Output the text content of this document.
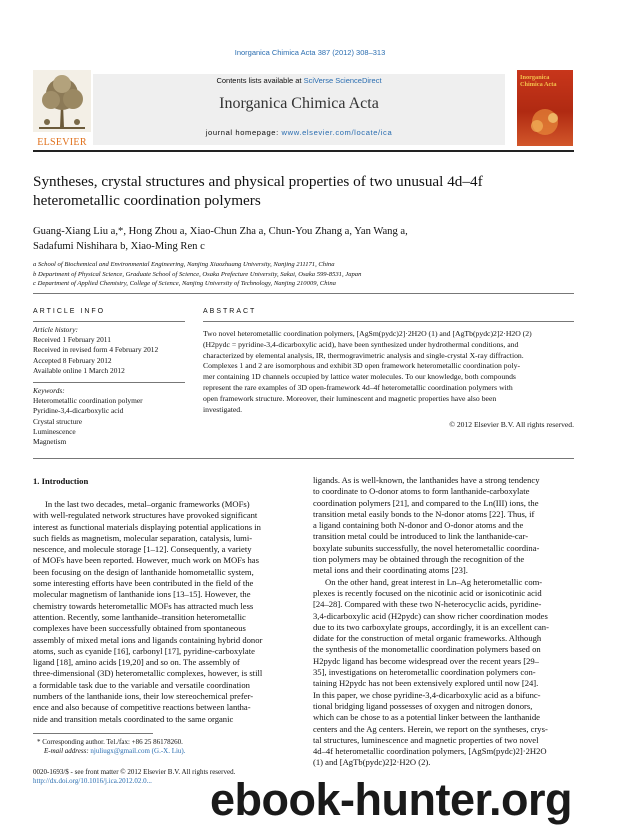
Inorganica Chimica Acta 387 (2012) 308–313
Contents lists available at SciVerse ScienceDirect
Inorganica Chimica Acta
journal homepage: www.elsevier.com/locate/ica
ELSEVIER
Inorganica Chimica Acta
Syntheses, crystal structures and physical properties of two unusual 4d–4f
heterometallic coordination polymers
Guang-Xiang Liu a,*, Hong Zhou a, Xiao-Chun Zha a, Chun-You Zhang a, Yan Wang a,
Sadafumi Nishihara b, Xiao-Ming Ren c
a School of Biochemical and Environmental Engineering, Nanjing Xiaozhuang University, Nanjing 211171, China
b Department of Physical Science, Graduate School of Science, Osaka Prefecture University, Sakai, Osaka 599-8531, Japan
c Department of Applied Chemistry, College of Science, Nanjing University of Technology, Nanjing 210009, China
ARTICLE INFO
Article history:
Received 1 February 2011
Received in revised form 4 February 2012
Accepted 8 February 2012
Available online 1 March 2012
Keywords:
Heterometallic coordination polymer
Pyridine-3,4-dicarboxylic acid
Crystal structure
Luminescence
Magnetism
ABSTRACT
Two novel heterometallic coordination polymers, [AgSm(pydc)2]·2H2O (1) and [AgTb(pydc)2]2·H2O (2)
(H2pydc = pyridine-3,4-dicarboxylic acid), have been synthesized under hydrothermal conditions, and
characterized by elemental analysis, IR, thermogravimetric analysis and single-crystal X-ray diffraction.
Complexes 1 and 2 are isomorphous and exhibit 3D open framework heterometallic coordination poly-
mer containing 1D channels occupied by lattice water molecules. To our knowledge, both compounds
represent the rare examples of 3D open-framework 4d–4f heterometallic coordination polymers with
open framework structure. Moreover, their luminescent and magnetic properties have also been
investigated.
© 2012 Elsevier B.V. All rights reserved.
1. Introduction
In the last two decades, metal–organic frameworks (MOFs)
with well-regulated network structures have provoked significant
interest as functional materials displaying potential applications in
such fields as magnetism, molecular separation, catalysis, lumi-
nescence, and molecule storage [1–12]. Consequently, a variety
of MOFs have been reported. However, much work on MOFs has
been focusing on the design of lanthanide homometallic system,
some interesting efforts have been contributed in the field of the
molecular magnetism of lanthanide ions [13–15]. However, the
chemistry towards heterometallic MOFs has attracted much less
attention. Recently, some lanthanide–transition heterometallic
complexes have been successfully obtained from spontaneous
assembly of mixed metal ions and ligands containing hybrid donor
atoms, such as cyanide [16], carbonyl [17], pyridine-carboxylate
ligand [18], amino acids [19,20] and so on. The assembly of
three-dimensional (3D) heterometallic complexes, however, is still
a formidable task due to the variable and versatile coordination
numbers of the lanthanide ions, their low stereochemical prefer-
ence and also because of competitive reactions between lantha-
nide and transition metals coordinated to the same organic
ligands. As is well-known, the lanthanides have a strong tendency
to coordinate to O-donor atoms to form lanthanide-carboxylate
coordination polymers [21], and compared to the Ln(III) ions, the
transition metal easily bonds to the N-donor atoms [22]. Thus, if
a ligand containing both N-donor and O-donor atoms and the
transition metal could be introduced to link the lanthanide-car-
boxylate subunits successfully, the novel heterometallic coordina-
tion polymers may be obtained through the recognition of the
metal ions and their coordinating atoms [23].
On the other hand, great interest in Ln–Ag heterometallic com-
plexes is recently focused on the nicotinic acid or isonicotinic acid
[24–28]. Compared with these two N-heterocyclic acids, pyridine-
3,4-dicarboxylic acid (H2pydc) can show richer coordination modes
due to its two carboxylate groups, accordingly, it is an excellent can-
didate for the construction of metal organic frameworks. Although
the synthesis of the monometallic coordination polymers based on
H2pydc ligand has become widespread over the recent years [29–
35], investigations on heterometallic coordination polymers con-
taining H2pydc has not been extensively explored until now [24].
In this paper, we chose pyridine-3,4-dicarboxylic acid as a bifunc-
tional bridging ligand possesses of oxygen and nitrogen donors,
which can be chose to as a potential linker between the lanthanide
centers and the Ag centers. Herein, we report on the syntheses, crys-
tal structures, luminescence and magnetic properties of two novel
4d–4f heterometallic coordination polymers, [AgSm(pydc)2]·2H2O
(1) and [AgTb(pydc)2]2·H2O (2).
* Corresponding author. Tel./fax: +86 25 86178260.
E-mail address: njuliugx@gmail.com (G.-X. Liu).
0020-1693/$ - see front matter © 2012 Elsevier B.V. All rights reserved.
http://dx.doi.org/10.1016/j.ica.2012.02.0...	ebook-hunter.org
